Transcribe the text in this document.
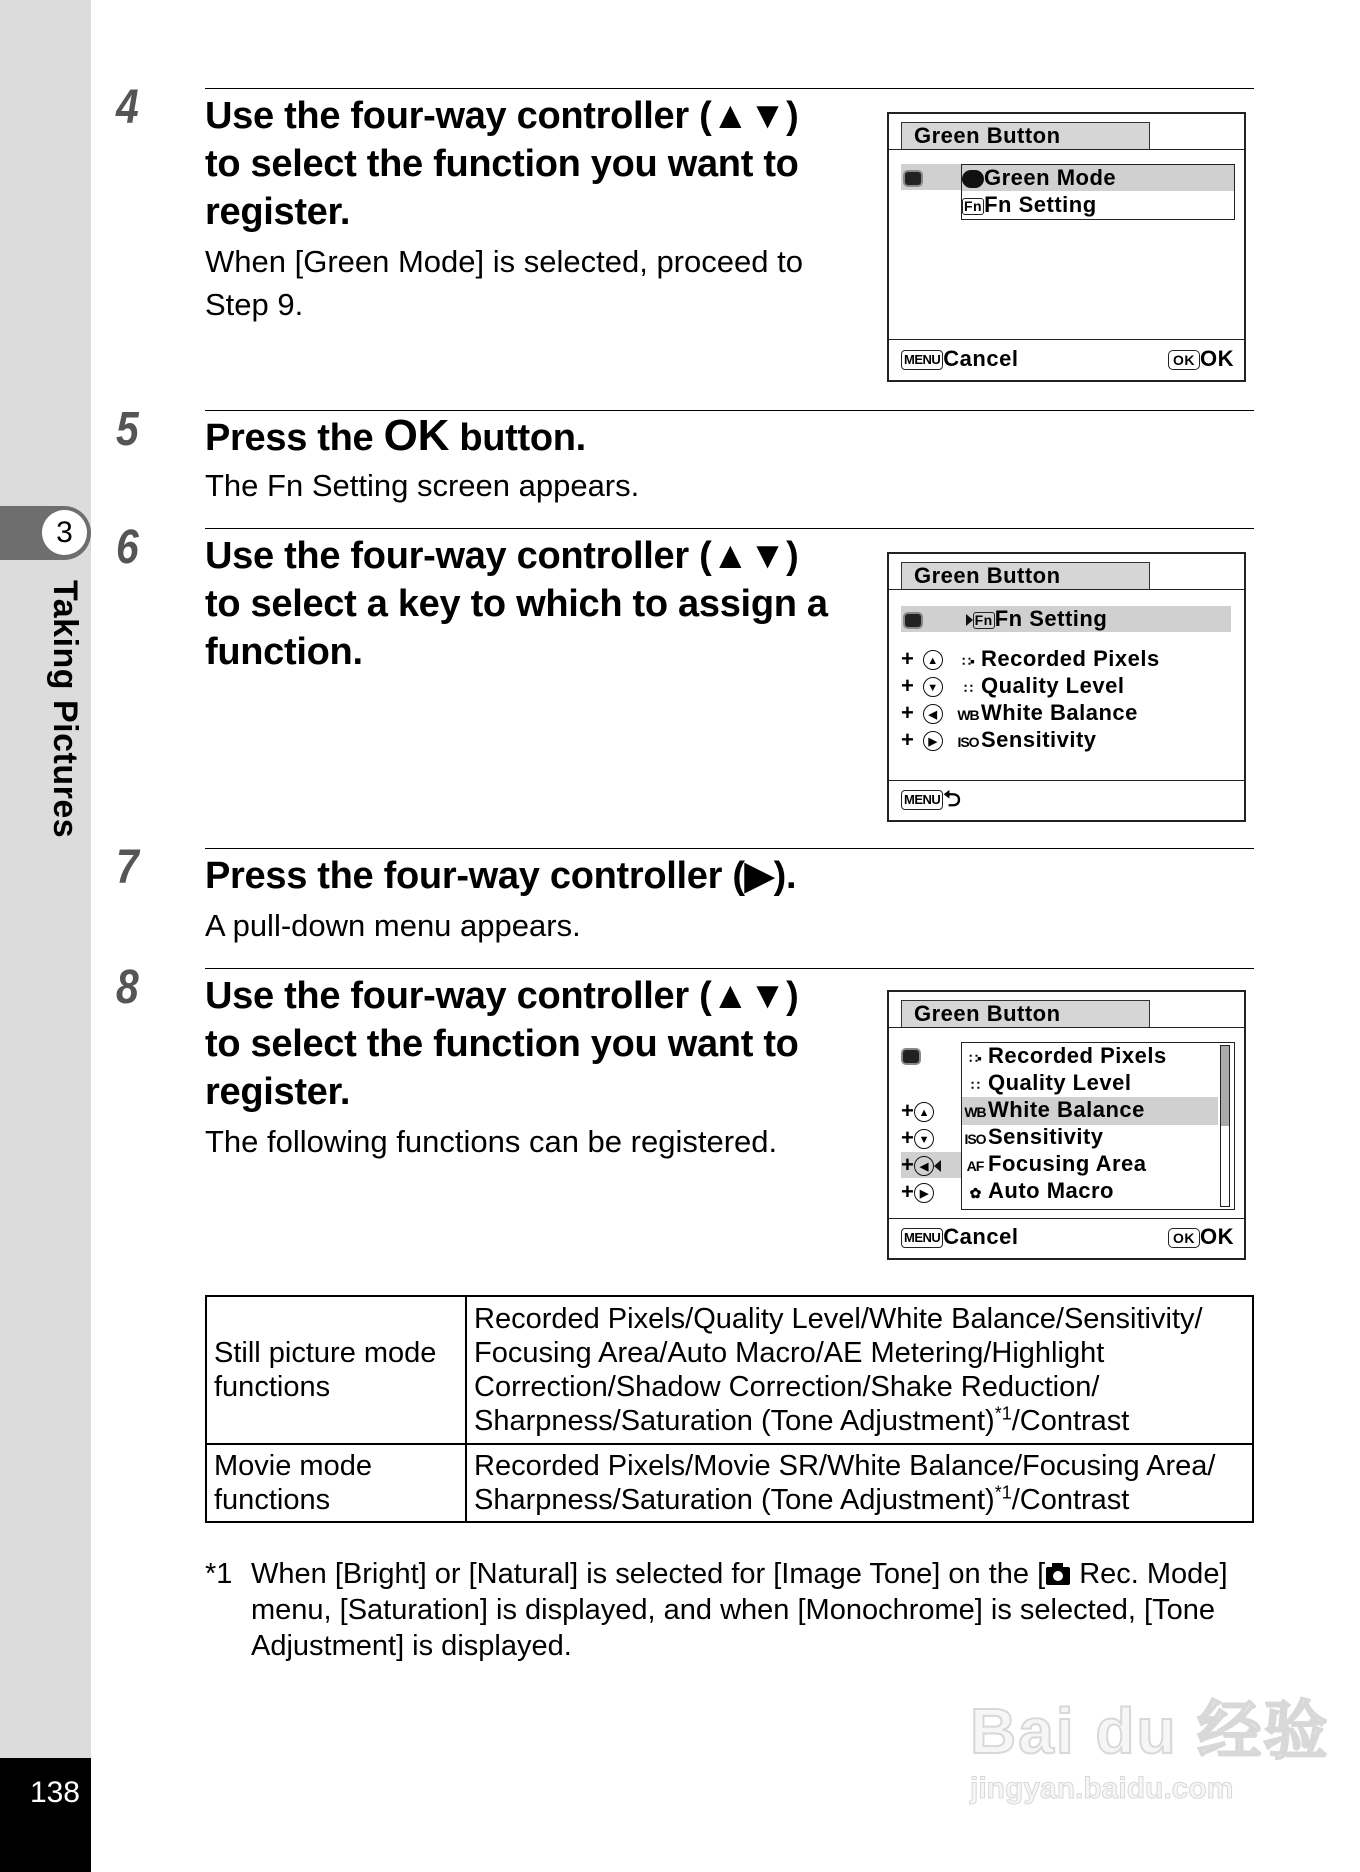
3
Taking Pictures
138
4 Use the four-way controller (▲▼)
to select the function you want to
register.
When [Green Mode] is selected, proceed to
Step 9.
Green Button

Green Mode
FnFn Setting
MENU Cancel	OK OK
5 Press the OK button.
The Fn Setting screen appears.
6 Use the four-way controller (▲▼)
to select a key to which to assign a
function.
Green Button
FnFn Setting
+ ▲ ∷▪ Recorded Pixels
+ ▼ ∷ Quality Level
+ ◀ WB White Balance
+ ▶ ISO Sensitivity
MENU ⮌
7 Press the four-way controller (▶).
A pull-down menu appears.
8 Use the four-way controller (▲▼)
to select the function you want to
register.
The following functions can be registered.
Green Button
+ ▲
+ ▼
+ ◀
+ ▶
∷▪ Recorded Pixels
∷ Quality Level
WB White Balance
ISO Sensitivity
AF Focusing Area
✿ Auto Macro
MENU Cancel	OK OK
Still picture mode
functions

Recorded Pixels/Quality Level/White Balance/Sensitivity/
Focusing Area/Auto Macro/AE Metering/Highlight
Correction/Shadow Correction/Shake Reduction/
Sharpness/Saturation (Tone Adjustment)$^{*1}$/Contrast

Movie mode
functions

Recorded Pixels/Movie SR/White Balance/Focusing Area/
Sharpness/Saturation (Tone Adjustment)$^{*1}$/Contrast
*1 When [Bright] or [Natural] is selected for [Image Tone] on the [ Rec. Mode] menu, [Saturation] is displayed, and when [Monochrome] is selected, [Tone Adjustment] is displayed.
Bai du 经验
jingyan.baidu.com
